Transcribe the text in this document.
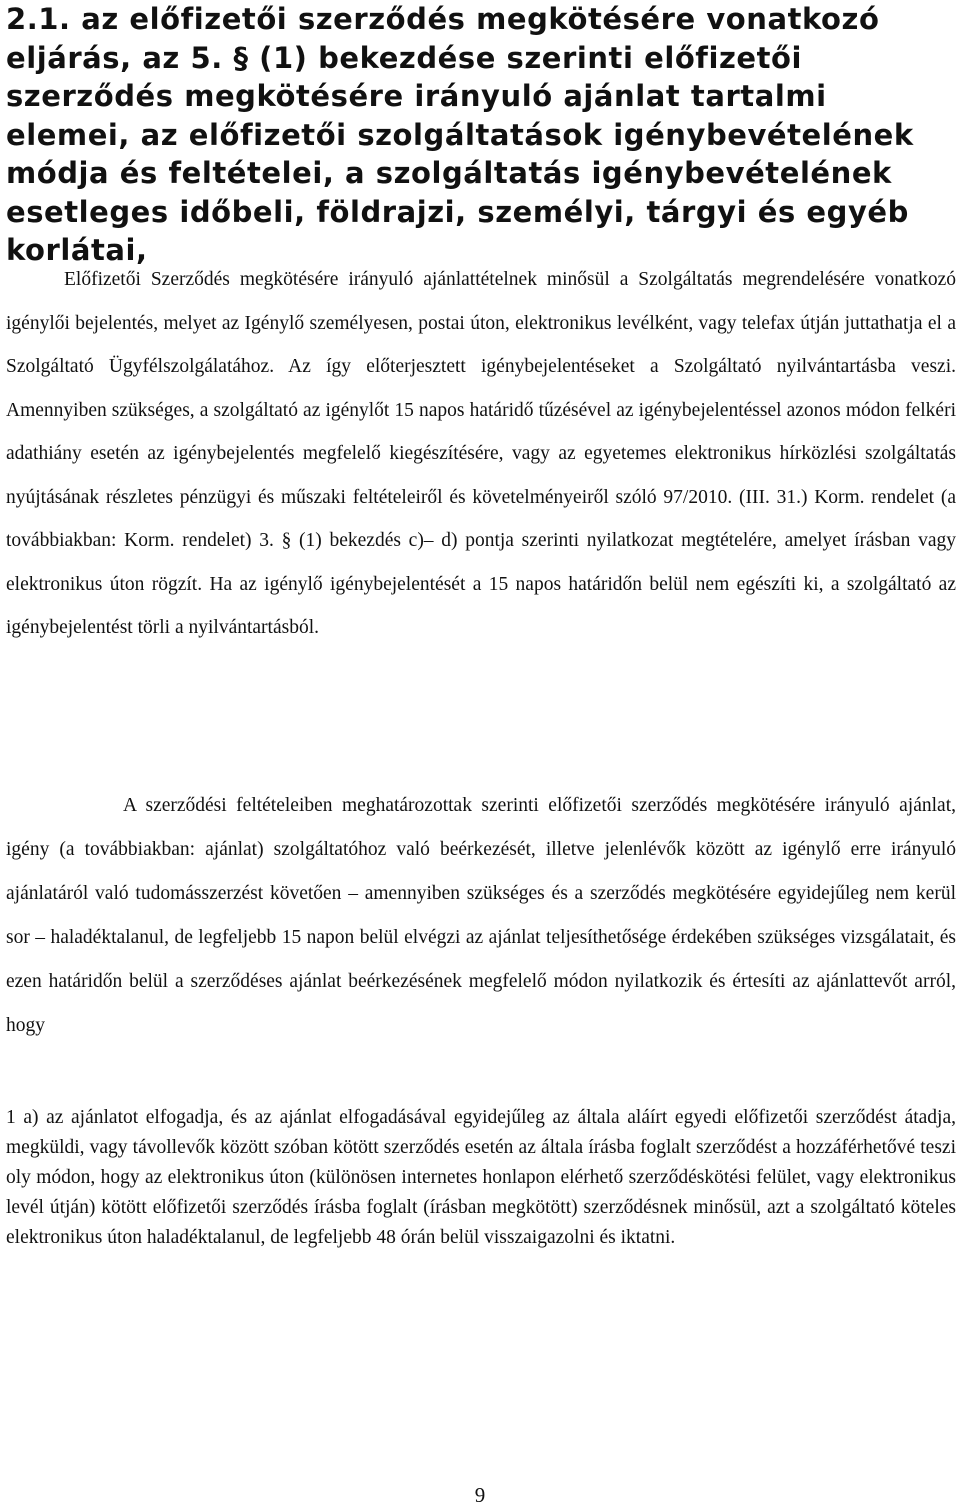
2.1. az előfizetői szerződés megkötésére vonatkozó eljárás, az 5. § (1) bekezdése szerinti előfizetői szerződés megkötésére irányuló ajánlat tartalmi elemei, az előfizetői szolgáltatások igénybevételének módja és feltételei, a szolgáltatás igénybevételének esetleges időbeli, földrajzi, személyi, tárgyi és egyéb korlátai,

Előfizetői Szerződés megkötésére irányuló ajánlattételnek minősül a Szolgáltatás megrendelésére vonatkozó igénylői bejelentés, melyet az Igénylő személyesen, postai úton, elektronikus levélként, vagy telefax útján juttathatja el a Szolgáltató Ügyfélszolgálatához. Az így előterjesztett igénybejelentéseket a Szolgáltató nyilvántartásba veszi. Amennyiben szükséges, a szolgáltató az igénylőt 15 napos határidő tűzésével az igénybejelentéssel azonos módon felkéri adathiány esetén az igénybejelentés megfelelő kiegészítésére, vagy az egyetemes elektronikus hírközlési szolgáltatás nyújtásának részletes pénzügyi és műszaki feltételeiről és követelményeiről szóló 97/2010. (III. 31.) Korm. rendelet (a továbbiakban: Korm. rendelet) 3. § (1) bekezdés c)– d) pontja szerinti nyilatkozat megtételére, amelyet írásban vagy elektronikus úton rögzít. Ha az igénylő igénybejelentését a 15 napos határidőn belül nem egészíti ki, a szolgáltató az igénybejelentést törli a nyilvántartásból.

A szerződési feltételeiben meghatározottak szerinti előfizetői szerződés megkötésére irányuló ajánlat, igény (a továbbiakban: ajánlat) szolgáltatóhoz való beérkezését, illetve jelenlévők között az igénylő erre irányuló ajánlatáról való tudomásszerzést követően – amennyiben szükséges és a szerződés megkötésére egyidejűleg nem kerül sor – haladéktalanul, de legfeljebb 15 napon belül elvégzi az ajánlat teljesíthetősége érdekében szükséges vizsgálatait, és ezen határidőn belül a szerződéses ajánlat beérkezésének megfelelő módon nyilatkozik és értesíti az ajánlattevőt arról, hogy

1 a) az ajánlatot elfogadja, és az ajánlat elfogadásával egyidejűleg az általa aláírt egyedi előfizetői szerződést átadja, megküldi, vagy távollevők között szóban kötött szerződés esetén az általa írásba foglalt szerződést a hozzáférhetővé teszi oly módon, hogy az elektronikus úton (különösen internetes honlapon elérhető szerződéskötési felület, vagy elektronikus levél útján) kötött előfizetői szerződés írásba foglalt (írásban megkötött) szerződésnek minősül, azt a szolgáltató köteles elektronikus úton haladéktalanul, de legfeljebb 48 órán belül visszaigazolni és iktatni.

9
